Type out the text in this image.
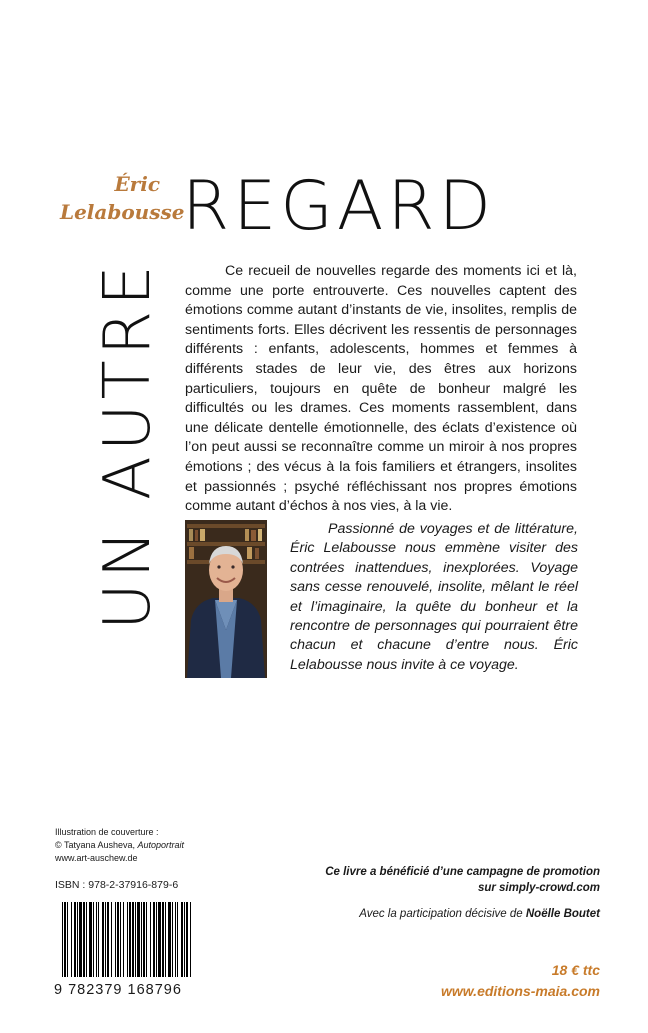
Éric
Lelabousse
REGARD
UN AUTRE	Ce recueil de nouvelles regarde des moments ici et là, comme une porte entrouverte. Ces nouvelles captent des émotions comme autant d’instants de vie, insolites, remplis de sentiments forts. Elles décrivent les ressentis de personnages différents : enfants, adolescents, hommes et femmes à différents stades de leur vie, des êtres aux horizons particuliers, toujours en quête de bonheur malgré les difficultés ou les drames. Ces moments rassemblent, dans une délicate dentelle émotionnelle, des éclats d’existence où l’on peut aussi se reconnaître comme un miroir à nos propres émotions ; des vécus à la fois familiers et étrangers, insolites et passionnés ; psyché réfléchissant nos propres émotions comme autant d’échos à nos vies, à la vie.

Passionné de voyages et de littérature, Éric Lelabousse nous emmène visiter des contrées inattendues, inexplorées. Voyage sans cesse renouvelé, insolite, mêlant le réel et l’imaginaire, la quête du bonheur et la rencontre de personnages qui pourraient être chacun et chacune d’entre nous. Éric Lelabousse nous invite à ce voyage.

Illustration de couverture :
© Tatyana Ausheva, Autoportrait
www.art-auschew.de
ISBN : 978-2-37916-879-6
9 782379 168796
Ce livre a bénéficié d’une campagne de promotion
sur simply-crowd.com
Avec la participation décisive de Noëlle Boutet
18 € ttc
www.editions-maia.com
